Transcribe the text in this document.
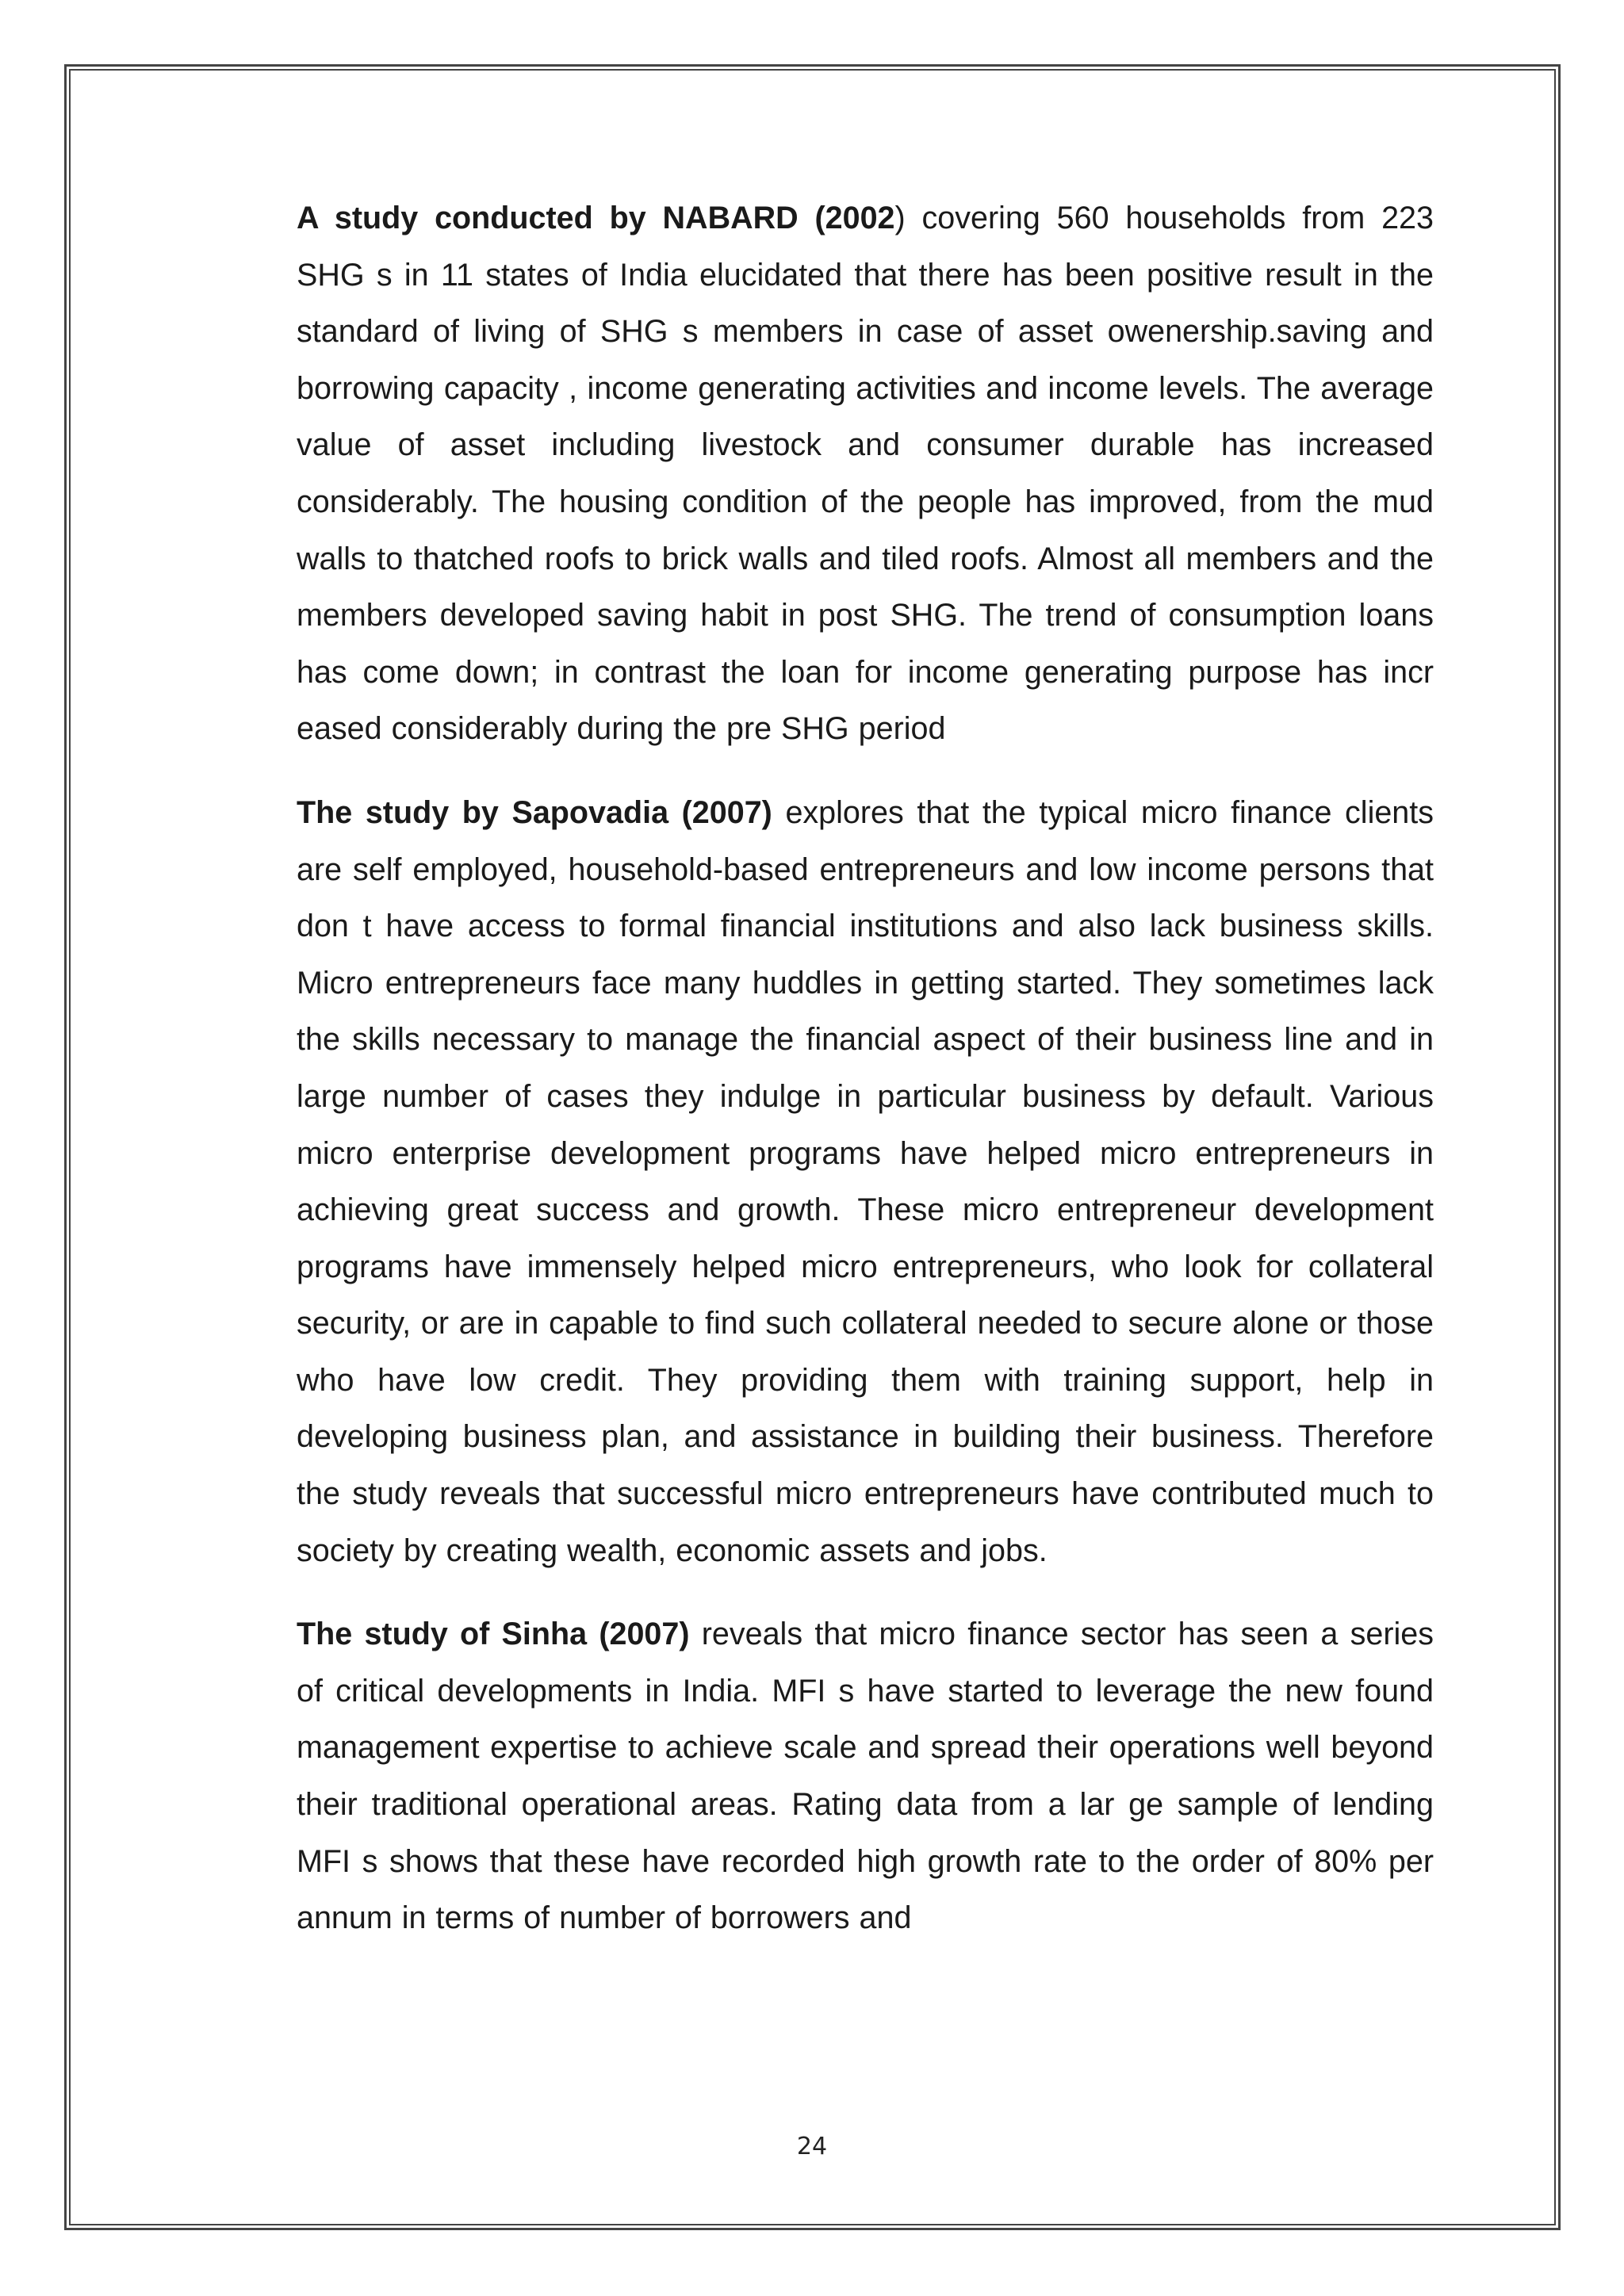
A study conducted by NABARD (2002) covering 560 households from 223 SHG s in 11 states of India elucidated that there has been positive result in the standard of living of SHG s members in case of asset owenership.saving and borrowing capacity , income generating activities and income levels. The average value of asset including livestock and consumer durable has increased considerably. The housing condition of the people has improved, from the mud walls to thatched roofs to brick walls and tiled roofs. Almost all members and the members developed saving habit in post SHG. The trend of consumption loans has come down; in contrast the loan for income generating purpose has incr eased considerably during the pre SHG period

The study by Sapovadia (2007) explores that the typical micro finance clients are self employed, household-based entrepreneurs and low income persons that don t have access to formal financial institutions and also lack business skills. Micro entrepreneurs face many huddles in getting started. They sometimes lack the skills necessary to manage the financial aspect of their business line and in large number of cases they indulge in particular business by default. Various micro enterprise development programs have helped micro entrepreneurs in achieving great success and growth. These micro entrepreneur development programs have immensely helped micro entrepreneurs, who look for collateral security, or are in capable to find such collateral needed to secure alone or those who have low credit. They providing them with training support, help in developing business plan, and assistance in building their business. Therefore the study reveals that successful micro entrepreneurs have contributed much to society by creating wealth, economic assets and jobs.

The study of Sinha (2007) reveals that micro finance sector has seen a series of critical developments in India. MFI s have started to leverage the new found management expertise to achieve scale and spread their operations well beyond their traditional operational areas. Rating data from a lar ge sample of lending MFI s shows that these have recorded high growth rate to the order of 80% per annum in terms of number of borrowers and

24
